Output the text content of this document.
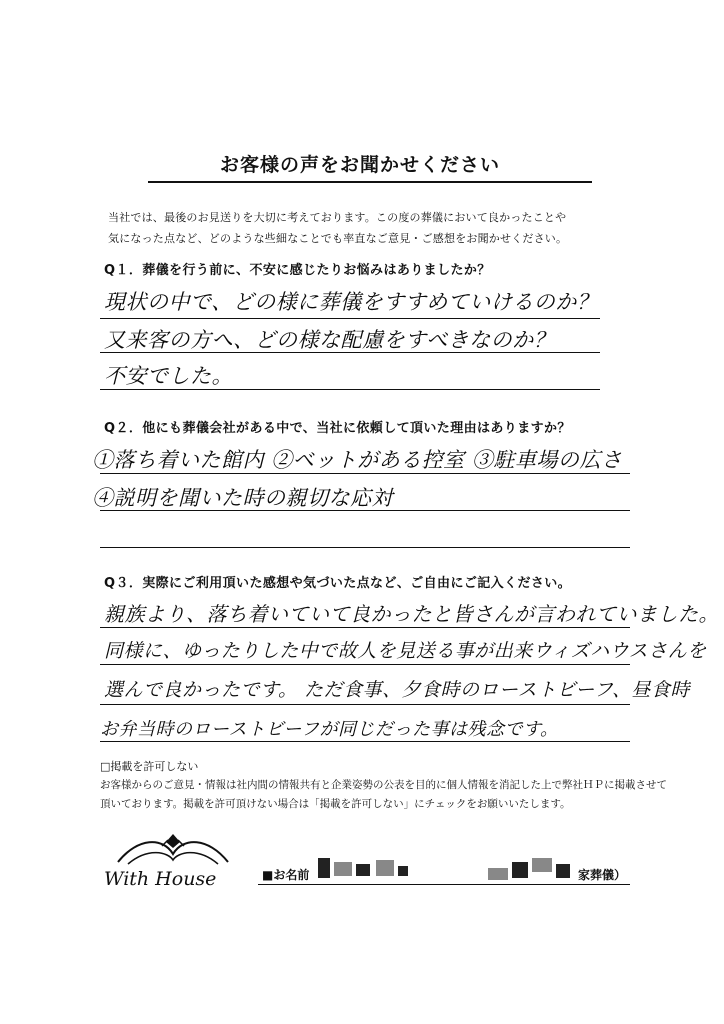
お客様の声をお聞かせください
当社では、最後のお見送りを大切に考えております。この度の葬儀において良かったことや
気になった点など、どのような些細なことでも率直なご意見・ご感想をお聞かせください。
Q１．葬儀を行う前に、不安に感じたりお悩みはありましたか？
現状の中で、どの様に葬儀をすすめていけるのか？
又来客の方へ、どの様な配慮をすべきなのか？
不安でした。
Q２．他にも葬儀会社がある中で、当社に依頼して頂いた理由はありますか？
①落ち着いた館内 ②ベットがある控室 ③駐車場の広さ
④説明を聞いた時の親切な応対
Q３．実際にご利用頂いた感想や気づいた点など、ご自由にご記入ください。
親族より、落ち着いていて良かったと皆さんが言われていました。
同様に、ゆったりした中で故人を見送る事が出来ウィズハウスさんを
選んで良かったです。 ただ食事、夕食時のローストビーフ、昼食時
お弁当時のローストビーフが同じだった事は残念です。
□掲載を許可しない
お客様からのご意見・情報は社内間の情報共有と企業姿勢の公表を目的に個人情報を消記した上で弊社ＨＰに掲載させて
頂いております。掲載を許可頂けない場合は「掲載を許可しない」にチェックをお願いいたします。
With House	■お名前	家葬儀）
